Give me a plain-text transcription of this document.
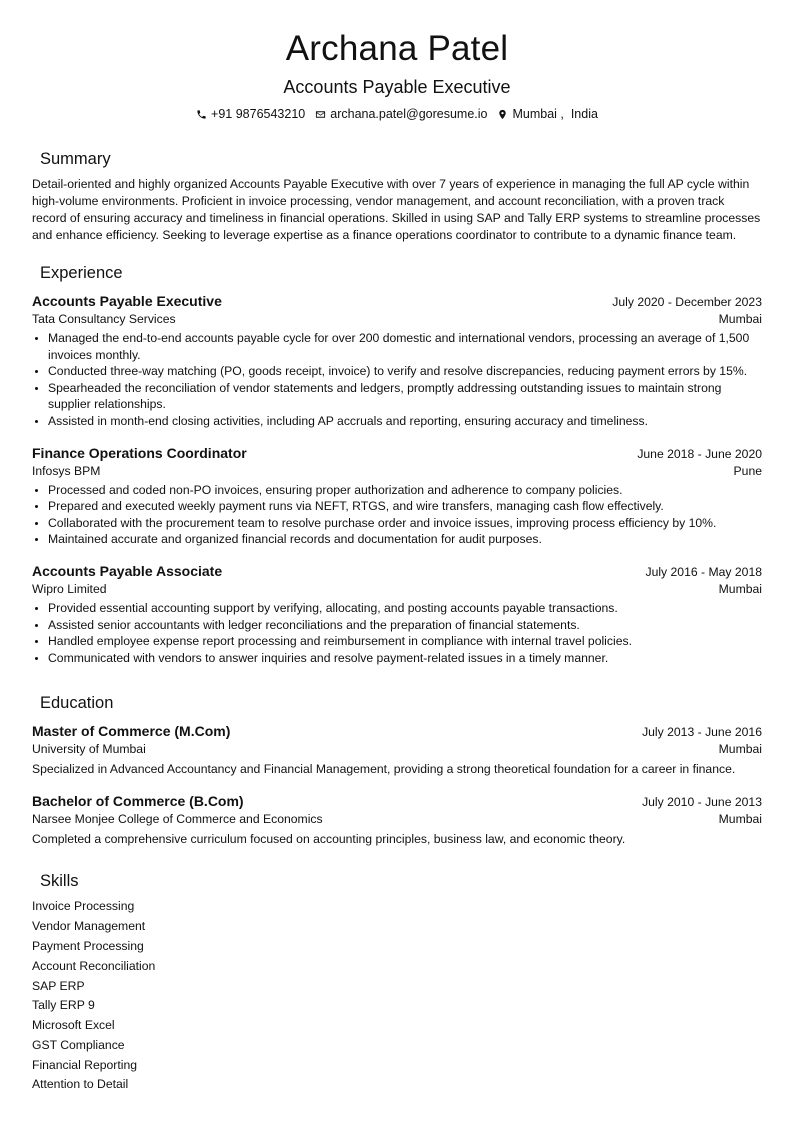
Archana Patel
Accounts Payable Executive
+91 9876543210 archana.patel@goresume.io Mumbai ,  India
Summary
Detail-oriented and highly organized Accounts Payable Executive with over 7 years of experience in managing the full AP cycle within high-volume environments. Proficient in invoice processing, vendor management, and account reconciliation, with a proven track record of ensuring accuracy and timeliness in financial operations. Skilled in using SAP and Tally ERP systems to streamline processes and enhance efficiency. Seeking to leverage expertise as a finance operations coordinator to contribute to a dynamic finance team.
Experience
Accounts Payable Executive	July 2020 - December 2023
Tata Consultancy Services	Mumbai
• Managed the end-to-end accounts payable cycle for over 200 domestic and international vendors, processing an average of 1,500 invoices monthly.
• Conducted three-way matching (PO, goods receipt, invoice) to verify and resolve discrepancies, reducing payment errors by 15%.
• Spearheaded the reconciliation of vendor statements and ledgers, promptly addressing outstanding issues to maintain strong supplier relationships.
• Assisted in month-end closing activities, including AP accruals and reporting, ensuring accuracy and timeliness.
Finance Operations Coordinator	June 2018 - June 2020
Infosys BPM	Pune
• Processed and coded non-PO invoices, ensuring proper authorization and adherence to company policies.
• Prepared and executed weekly payment runs via NEFT, RTGS, and wire transfers, managing cash flow effectively.
• Collaborated with the procurement team to resolve purchase order and invoice issues, improving process efficiency by 10%.
• Maintained accurate and organized financial records and documentation for audit purposes.
Accounts Payable Associate	July 2016 - May 2018
Wipro Limited	Mumbai
• Provided essential accounting support by verifying, allocating, and posting accounts payable transactions.
• Assisted senior accountants with ledger reconciliations and the preparation of financial statements.
• Handled employee expense report processing and reimbursement in compliance with internal travel policies.
• Communicated with vendors to answer inquiries and resolve payment-related issues in a timely manner.
Education
Master of Commerce (M.Com)	July 2013 - June 2016
University of Mumbai	Mumbai
Specialized in Advanced Accountancy and Financial Management, providing a strong theoretical foundation for a career in finance.
Bachelor of Commerce (B.Com)	July 2010 - June 2013
Narsee Monjee College of Commerce and Economics	Mumbai
Completed a comprehensive curriculum focused on accounting principles, business law, and economic theory.
Skills
Invoice Processing
Vendor Management
Payment Processing
Account Reconciliation
SAP ERP
Tally ERP 9
Microsoft Excel
GST Compliance
Financial Reporting
Attention to Detail
